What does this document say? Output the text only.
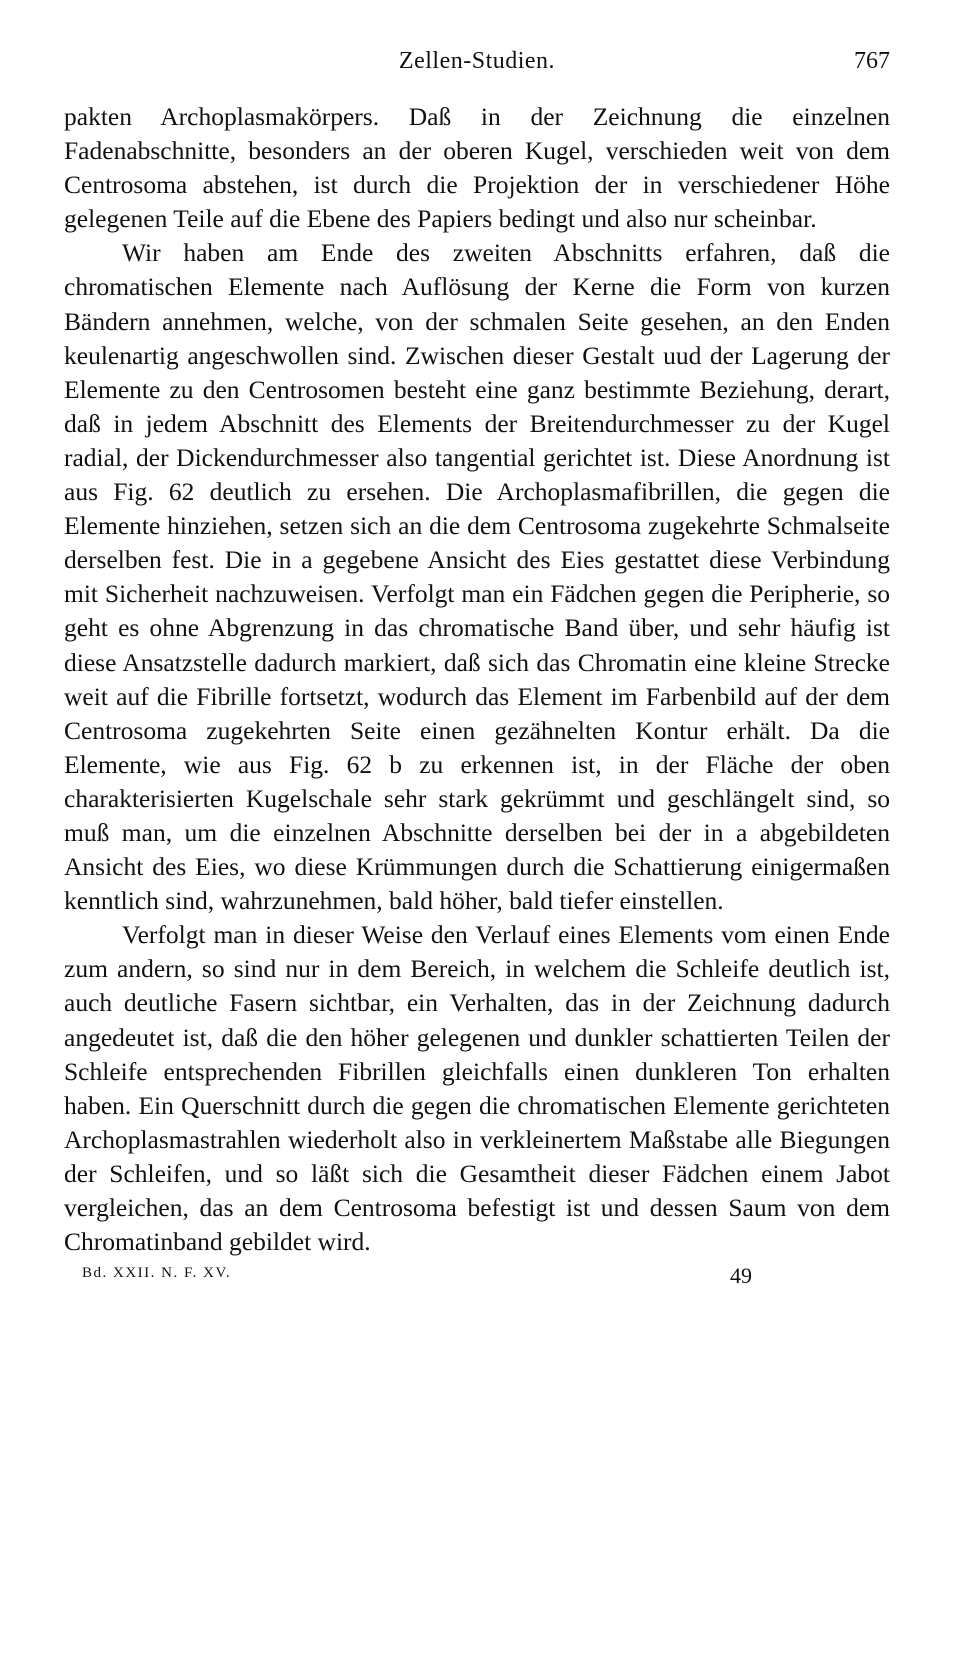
Zellen-Studien.	767

pakten Archoplasmakörpers. Daß in der Zeichnung die einzelnen Fadenabschnitte, besonders an der oberen Kugel, verschieden weit von dem Centrosoma abstehen, ist durch die Projektion der in verschiedener Höhe gelegenen Teile auf die Ebene des Papiers bedingt und also nur scheinbar.

Wir haben am Ende des zweiten Abschnitts erfahren, daß die chromatischen Elemente nach Auflösung der Kerne die Form von kurzen Bändern annehmen, welche, von der schmalen Seite gesehen, an den Enden keulenartig angeschwollen sind. Zwischen dieser Gestalt uud der Lagerung der Elemente zu den Centrosomen besteht eine ganz bestimmte Beziehung, derart, daß in jedem Abschnitt des Elements der Breitendurchmesser zu der Kugel radial, der Dickendurchmesser also tangential gerichtet ist. Diese Anordnung ist aus Fig. 62 deutlich zu ersehen. Die Archoplasmafibrillen, die gegen die Elemente hinziehen, setzen sich an die dem Centrosoma zugekehrte Schmalseite derselben fest. Die in a gegebene Ansicht des Eies gestattet diese Verbindung mit Sicherheit nachzuweisen. Verfolgt man ein Fädchen gegen die Peripherie, so geht es ohne Abgrenzung in das chromatische Band über, und sehr häufig ist diese Ansatzstelle dadurch markiert, daß sich das Chromatin eine kleine Strecke weit auf die Fibrille fortsetzt, wodurch das Element im Farbenbild auf der dem Centrosoma zugekehrten Seite einen gezähnelten Kontur erhält. Da die Elemente, wie aus Fig. 62 b zu erkennen ist, in der Fläche der oben charakterisierten Kugelschale sehr stark gekrümmt und geschlängelt sind, so muß man, um die einzelnen Abschnitte derselben bei der in a abgebildeten Ansicht des Eies, wo diese Krümmungen durch die Schattierung einigermaßen kenntlich sind, wahrzunehmen, bald höher, bald tiefer einstellen.

Verfolgt man in dieser Weise den Verlauf eines Elements vom einen Ende zum andern, so sind nur in dem Bereich, in welchem die Schleife deutlich ist, auch deutliche Fasern sichtbar, ein Verhalten, das in der Zeichnung dadurch angedeutet ist, daß die den höher gelegenen und dunkler schattierten Teilen der Schleife entsprechenden Fibrillen gleichfalls einen dunkleren Ton erhalten haben. Ein Querschnitt durch die gegen die chromatischen Elemente gerichteten Archoplasmastrahlen wiederholt also in verkleinertem Maßstabe alle Biegungen der Schleifen, und so läßt sich die Gesamtheit dieser Fädchen einem Jabot vergleichen, das an dem Centrosoma befestigt ist und dessen Saum von dem Chromatinband gebildet wird.

Bd. XXII. N. F. XV.	49
